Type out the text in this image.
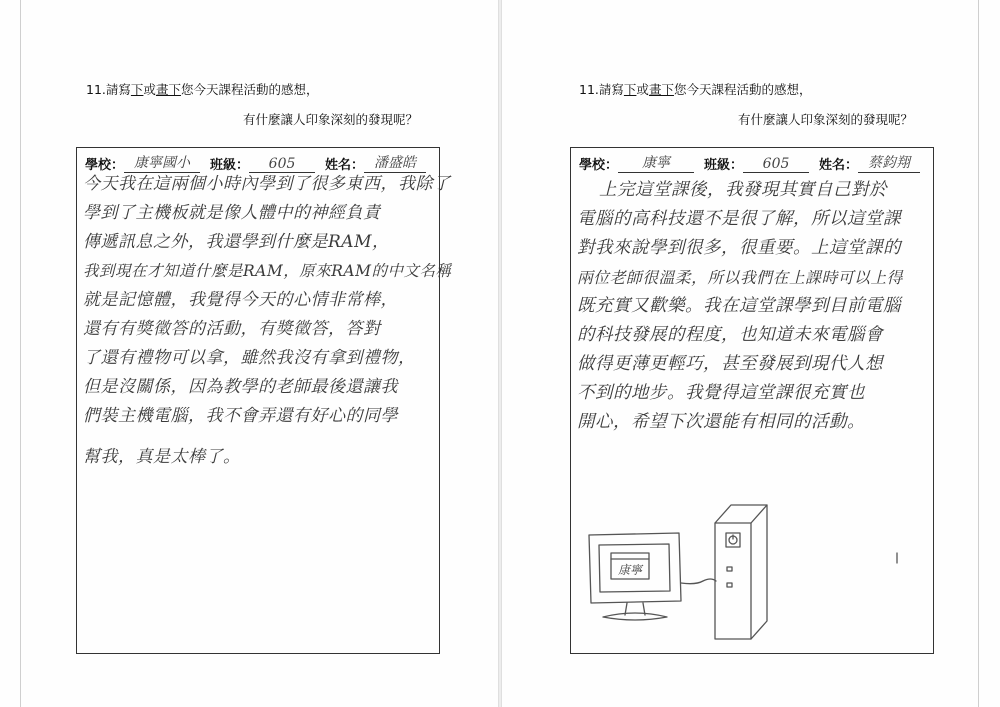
11.請寫下或畫下您今天課程活動的感想，
有什麼讓人印象深刻的發現呢？
學校： 康寧國小 班級： 605 姓名： 潘盛皓
今天我在這兩個小時內學到了很多東西，我除了
學到了主機板就是像人體中的神經負責
傳遞訊息之外，我還學到什麼是RAM，
我到現在才知道什麼是RAM，原來RAM的中文名稱
就是記憶體，我覺得今天的心情非常棒，
還有有獎徵答的活動，有獎徵答，答對
了還有禮物可以拿，雖然我沒有拿到禮物，
但是沒關係，因為教學的老師最後還讓我
們裝主機電腦，我不會弄還有好心的同學
幫我，真是太棒了。
11.請寫下或畫下您今天課程活動的感想，
有什麼讓人印象深刻的發現呢？
學校： 康寧	班級： 605 姓名： 蔡鈞翔
上完這堂課後，我發現其實自己對於
電腦的高科技還不是很了解，所以這堂課
對我來說學到很多，很重要。上這堂課的
兩位老師很溫柔，所以我們在上課時可以上得
既充實又歡樂。我在這堂課學到目前電腦
的科技發展的程度，也知道未來電腦會
做得更薄更輕巧，甚至發展到現代人想
不到的地步。我覺得這堂課很充實也
開心，希望下次還能有相同的活動。
康寧
